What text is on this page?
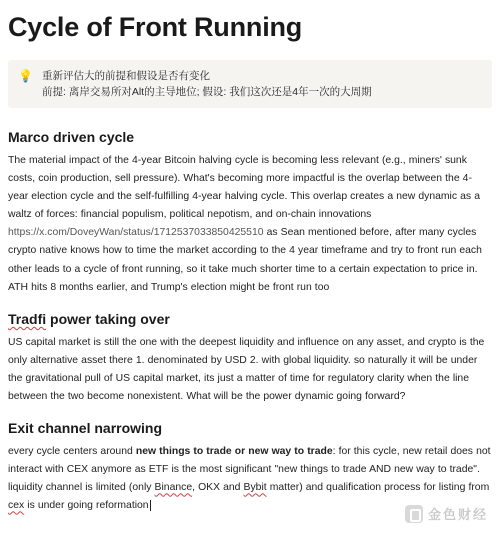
Cycle of Front Running
💡 重新评估大的前提和假设是否有变化
前提: 离岸交易所对Alt的主导地位; 假设: 我们这次还是4年一次的大周期
Marco driven cycle

The material impact of the 4-year Bitcoin halving cycle is becoming less relevant (e.g., miners' sunk costs, coin production, sell pressure). What's becoming more impactful is the overlap between the 4-year election cycle and the self-fulfilling 4-year halving cycle. This overlap creates a new dynamic as a waltz of forces: financial populism, political nepotism, and on-chain innovations https://x.com/DoveyWan/status/1712537033850425510 as Sean mentioned before, after many cycles crypto native knows how to time the market according to the 4 year timeframe and try to front run each other leads to a cycle of front running, so it take much shorter time to a certain expectation to price in. ATH hits 8 months earlier, and Trump's election might be front run too

Tradfi power taking over

US capital market is still the one with the deepest liquidity and influence on any asset, and crypto is the only alternative asset there 1. denominated by USD 2. with global liquidity. so naturally it will be under the gravitational pull of US capital market, its just a matter of time for regulatory clarity when the line between the two become nonexistent. What will be the power dynamic going forward?

Exit channel narrowing

every cycle centers around new things to trade or new way to trade: for this cycle, new retail does not interact with CEX anymore as ETF is the most significant "new things to trade AND new way to trade". liquidity channel is limited (only Binance, OKX and Bybit matter) and qualification process for listing from cex is under going reformation

金色财经
